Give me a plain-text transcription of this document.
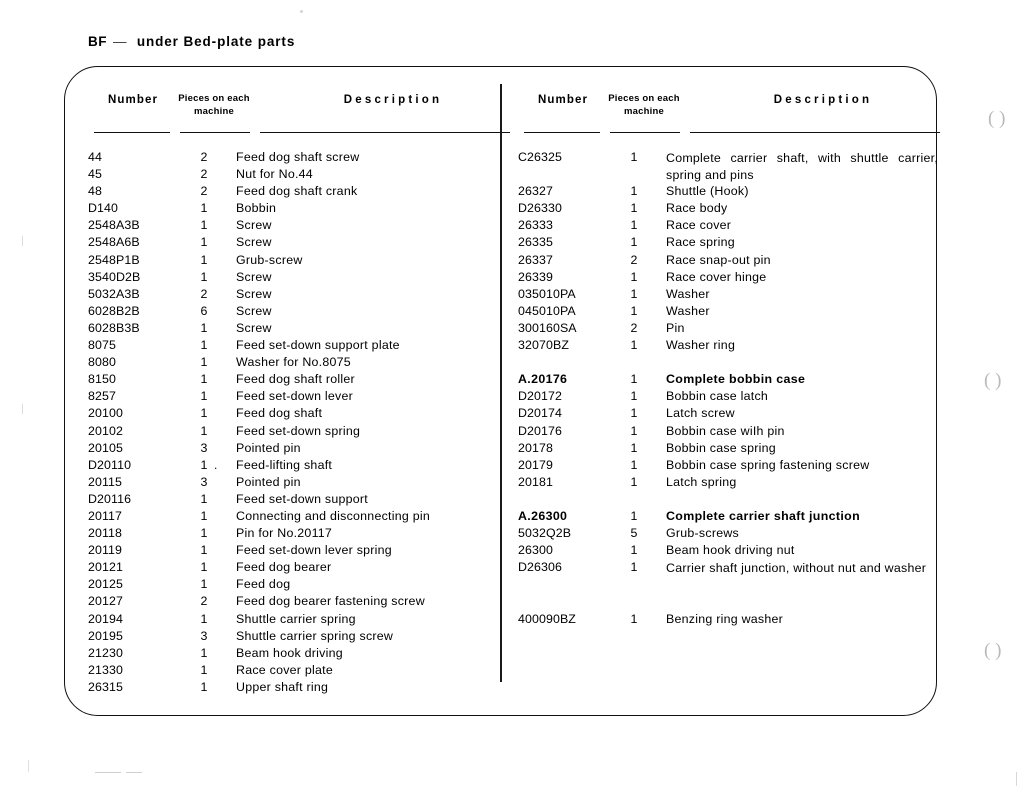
BF — under Bed-plate parts
Number	Pieces on each
machine
Description
44	2	Feed dog shaft screw
45	2	Nut for No.44
48	2	Feed dog shaft crank
D140	1	Bobbin
2548A3B	1	Screw
2548A6B	1	Screw
2548P1B	1	Grub-screw
3540D2B	1	Screw
5032A3B	2	Screw
6028B2B	6	Screw
6028B3B	1	Screw
8075	1	Feed set-down support plate
8080	1	Washer for No.8075
8150	1	Feed dog shaft roller
8257	1	Feed set-down lever
20100	1	Feed dog shaft
20102	1	Feed set-down spring
20105	3	Pointed pin
D20110	1 . Feed-lifting shaft
20115	3	Pointed pin
D20116	1	Feed set-down support
20117	1	Connecting and disconnecting pin
20118	1	Pin for No.20117
20119	1	Feed set-down lever spring
20121	1	Feed dog bearer
20125	1	Feed dog
20127	2	Feed dog bearer fastening screw
20194	1	Shuttle carrier spring
20195	3	Shuttle carrier spring screw
21230	1	Beam hook driving
21330	1	Race cover plate
26315	1	Upper shaft ring
Number	Pieces on each
machine
Description
C26325	1	Complete carrier shaft, with shuttle carrier, spring and pins
26327	1	Shuttle (Hook)
D26330	1	Race body
26333	1	Race cover
26335	1	Race spring
26337	2	Race snap-out pin
26339	1	Race cover hinge
035010PA	1	Washer
045010PA	1	Washer
300160SA	2	Pin
32070BZ	1	Washer ring
A.20176	1	Complete bobbin case
D20172	1	Bobbin case latch
D20174	1	Latch screw
D20176	1	Bobbin case wiIh pin
20178	1	Bobbin case spring
20179	1	Bobbin case spring fastening screw
20181	1	Latch spring
A.26300	1	Complete carrier shaft junction
5032Q2B	5	Grub-screws
26300	1	Beam hook driving nut
D26306	1	Carrier shaft junction, without nut and washer
400090BZ	1	Benzing ring washer
( )
( )
( )
